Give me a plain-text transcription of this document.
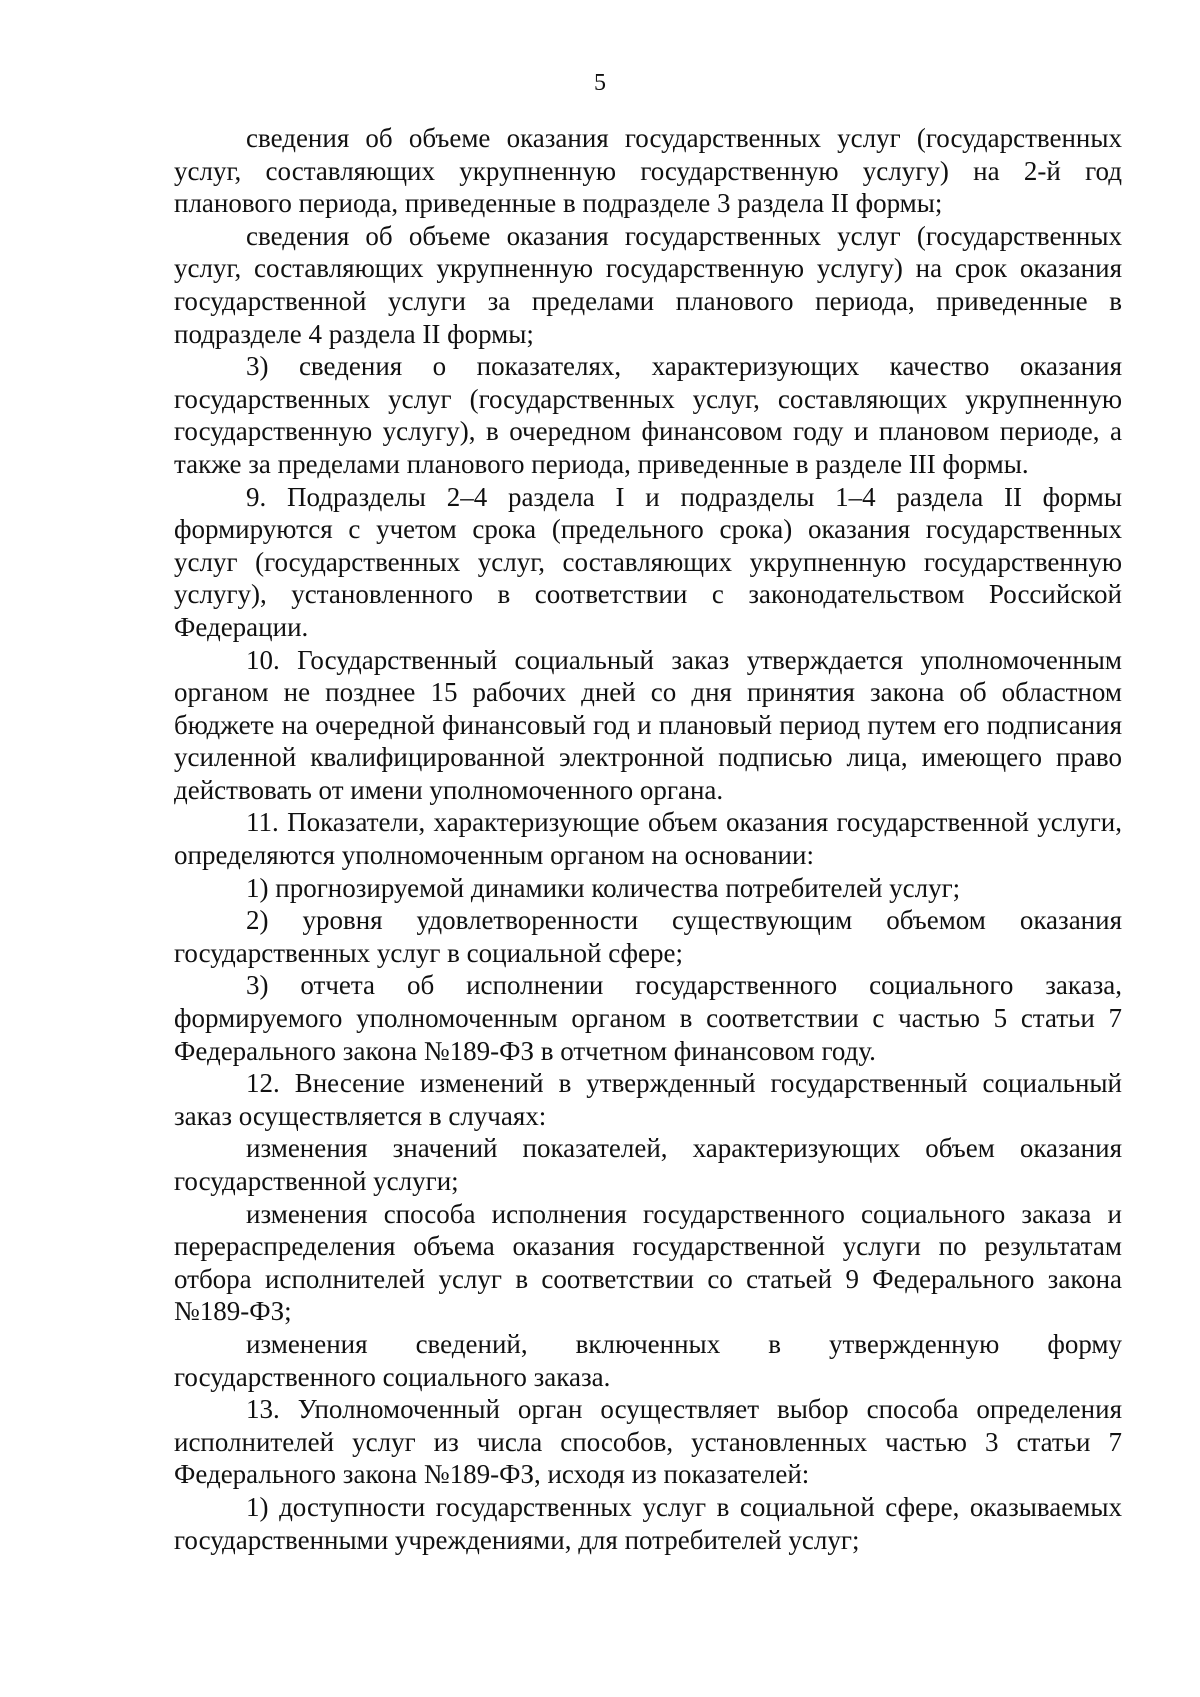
5

сведения об объеме оказания государственных услуг (государственных услуг, составляющих укрупненную государственную услугу) на 2-й год планового периода, приведенные в подразделе 3 раздела II формы;

сведения об объеме оказания государственных услуг (государственных услуг, составляющих укрупненную государственную услугу) на срок оказания государственной услуги за пределами планового периода, приведенные в подразделе 4 раздела II формы;

3) сведения о показателях, характеризующих качество оказания государственных услуг (государственных услуг, составляющих укрупненную государственную услугу), в очередном финансовом году и плановом периоде, а также за пределами планового периода, приведенные в разделе III формы.

9. Подразделы 2–4 раздела I и подразделы 1–4 раздела II формы формируются с учетом срока (предельного срока) оказания государственных услуг (государственных услуг, составляющих укрупненную государственную услугу), установленного в соответствии с законодательством Российской Федерации.

10. Государственный социальный заказ утверждается уполномоченным органом не позднее 15 рабочих дней со дня принятия закона об областном бюджете на очередной финансовый год и плановый период путем его подписания усиленной квалифицированной электронной подписью лица, имеющего право действовать от имени уполномоченного органа.

11. Показатели, характеризующие объем оказания государственной услуги, определяются уполномоченным органом на основании:

1) прогнозируемой динамики количества потребителей услуг;

2) уровня удовлетворенности существующим объемом оказания государственных услуг в социальной сфере;

3) отчета об исполнении государственного социального заказа, формируемого уполномоченным органом в соответствии с частью 5 статьи 7 Федерального закона №189-ФЗ в отчетном финансовом году.

12. Внесение изменений в утвержденный государственный социальный заказ осуществляется в случаях:

изменения значений показателей, характеризующих объем оказания государственной услуги;

изменения способа исполнения государственного социального заказа и перераспределения объема оказания государственной услуги по результатам отбора исполнителей услуг в соответствии со статьей 9 Федерального закона №189-ФЗ;

изменения сведений, включенных в утвержденную форму государственного социального заказа.

13. Уполномоченный орган осуществляет выбор способа определения исполнителей услуг из числа способов, установленных частью 3 статьи 7 Федерального закона №189-ФЗ, исходя из показателей:

1) доступности государственных услуг в социальной сфере, оказываемых государственными учреждениями, для потребителей услуг;
